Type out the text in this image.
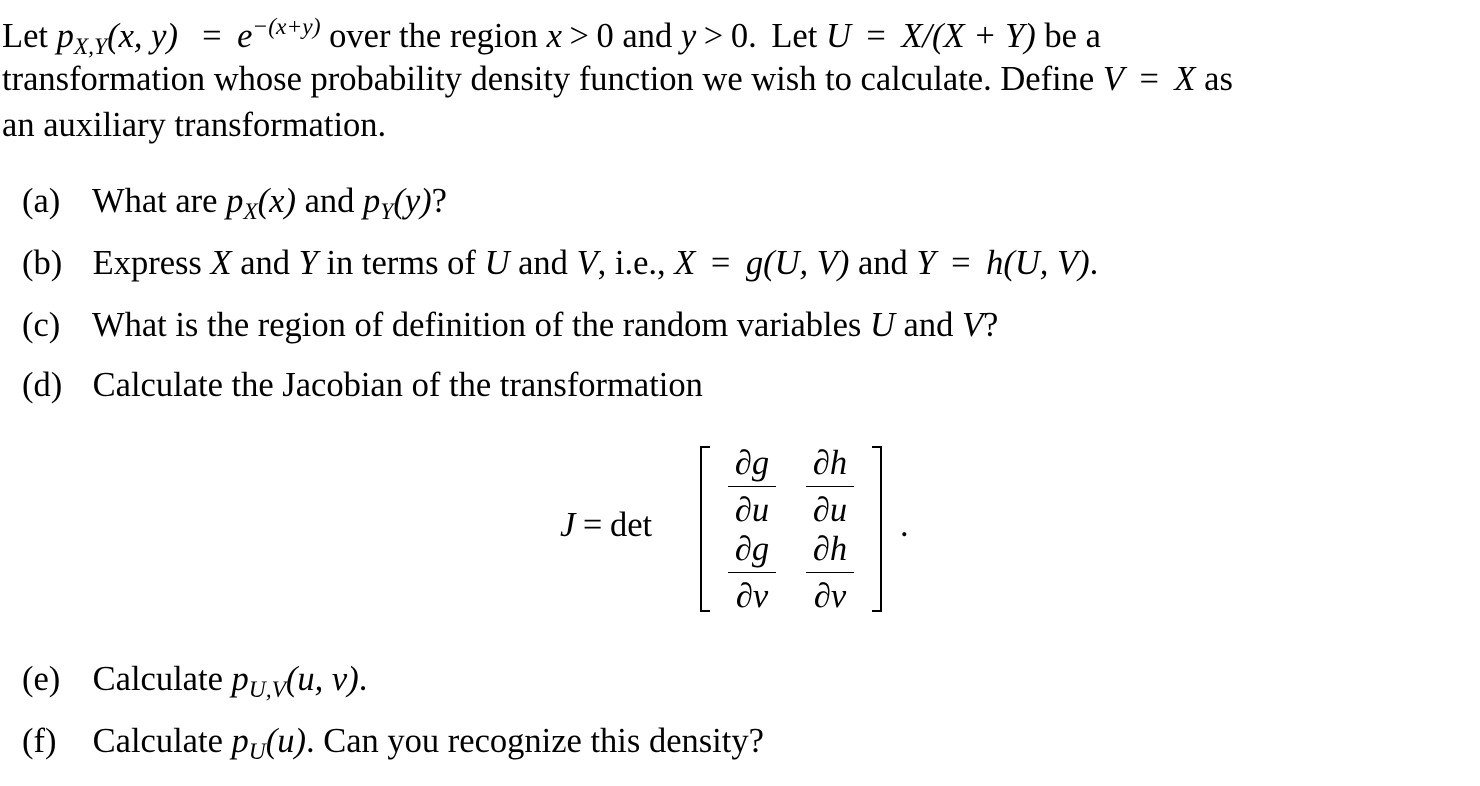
Let $p_{X,Y}(x$, $y) = e^{-(x+y)}$ over the region x > 0 and y > 0. Let U = X/(X + Y) be a
transformation whose probability density function we wish to calculate. Define V = X as
an auxiliary transformation.
(a) What are $p_X(x)$ and $p_Y(y)$?
(b) Express X and Y in terms of U and V, i.e., X = g(U, V) and Y = h(U, V).
(c) What is the region of definition of the random variables U and V?
(d) Calculate the Jacobian of the transformation
J = det
∂g
∂u
∂h
∂u
∂g
∂v
∂h
∂v
.
(e) Calculate $p_{U,V}(u$, v).
(f) Calculate $p_U(u)$. Can you recognize this density?
